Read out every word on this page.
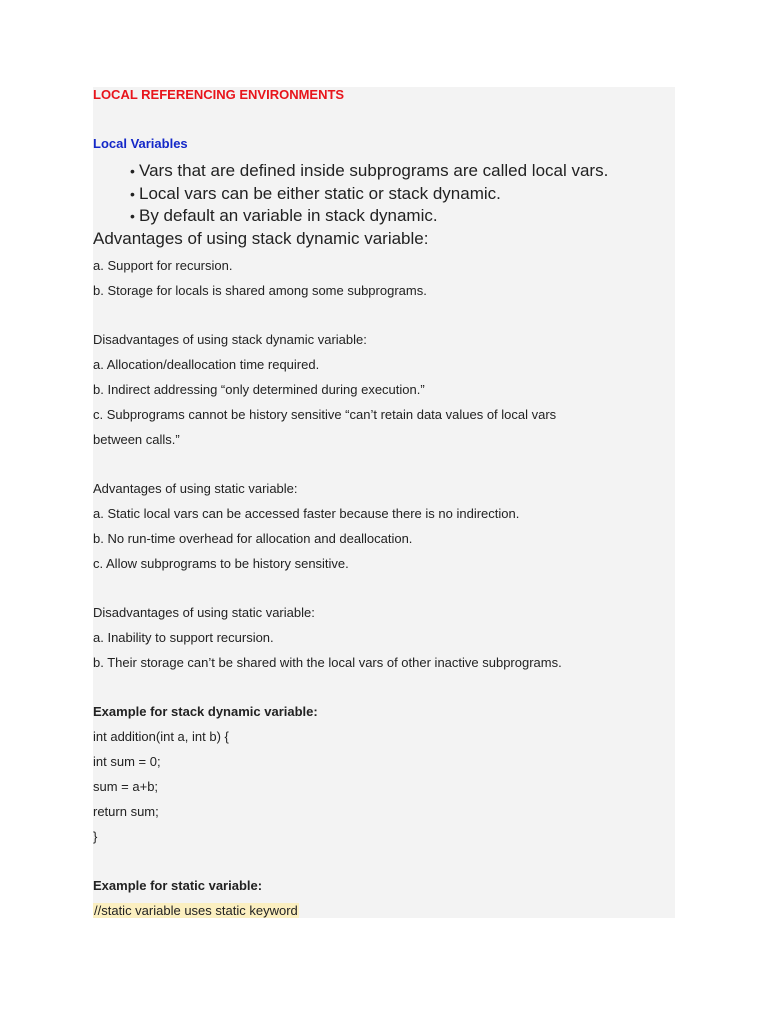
LOCAL REFERENCING ENVIRONMENTS
Local Variables
• Vars that are defined inside subprograms are called local vars.
• Local vars can be either static or stack dynamic.
• By default an variable in stack dynamic.
Advantages of using stack dynamic variable:
a. Support for recursion.
b. Storage for locals is shared among some subprograms.
Disadvantages of using stack dynamic variable:
a. Allocation/deallocation time required.
b. Indirect addressing “only determined during execution.”
c. Subprograms cannot be history sensitive “can’t retain data values of local vars
between calls.”
Advantages of using static variable:
a. Static local vars can be accessed faster because there is no indirection.
b. No run-time overhead for allocation and deallocation.
c. Allow subprograms to be history sensitive.
Disadvantages of using static variable:
a. Inability to support recursion.
b. Their storage can’t be shared with the local vars of other inactive subprograms.
Example for stack dynamic variable:
int addition(int a, int b) {
int sum = 0;
sum = a+b;
return sum;
}
Example for static variable:
//static variable uses static keyword
